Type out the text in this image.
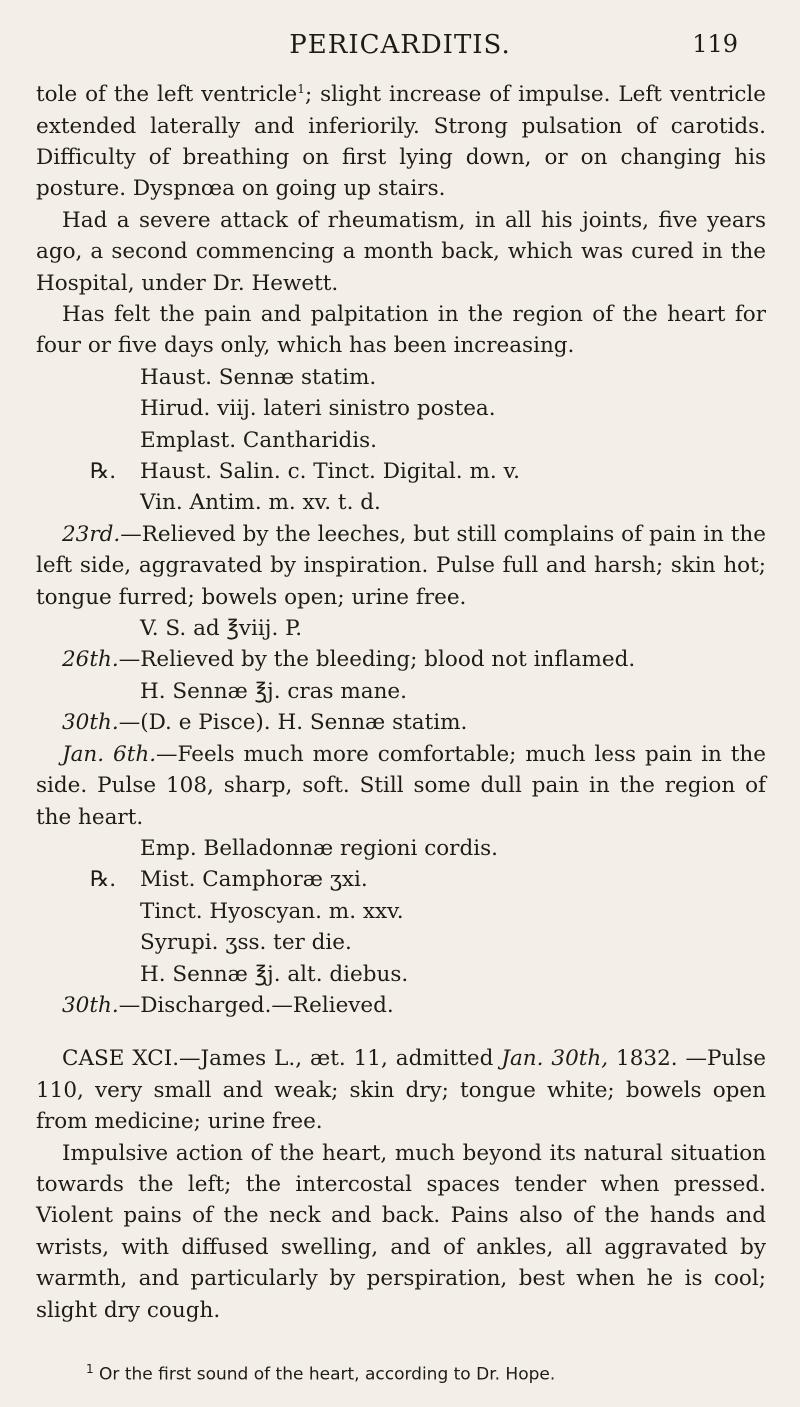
PERICARDITIS.	119

tole of the left ventricle$^1$; slight increase of impulse. Left ventricle extended laterally and inferiorily. Strong pulsation of carotids. Difficulty of breathing on first lying down, or on changing his posture. Dyspnœa on going up stairs.

Had a severe attack of rheumatism, in all his joints, five years ago, a second commencing a month back, which was cured in the Hospital, under Dr. Hewett.

Has felt the pain and palpitation in the region of the heart for four or five days only, which has been increasing.

Haust. Sennæ statim.

Hirud. viij. lateri sinistro postea.

Emplast. Cantharidis.

℞. Haust. Salin. c. Tinct. Digital. m. v.

Vin. Antim. m. xv. t. d.

23rd.—Relieved by the leeches, but still complains of pain in the left side, aggravated by inspiration. Pulse full and harsh; skin hot; tongue furred; bowels open; urine free.

V. S. ad ℥viij. P.

26th.—Relieved by the bleeding; blood not inflamed.

H. Sennæ ℥j. cras mane.

30th.—(D. e Pisce). H. Sennæ statim.

Jan. 6th.—Feels much more comfortable; much less pain in the side. Pulse 108, sharp, soft. Still some dull pain in the region of the heart.

Emp. Belladonnæ regioni cordis.

℞. Mist. Camphoræ ʒxi.

Tinct. Hyoscyan. m. xxv.

Syrupi. ʒss. ter die.

H. Sennæ ℥j. alt. diebus.

30th.—Discharged.—Relieved.

CASE XCI.—James L., æt. 11, admitted Jan. 30th, 1832. —Pulse 110, very small and weak; skin dry; tongue white; bowels open from medicine; urine free.

Impulsive action of the heart, much beyond its natural situation towards the left; the intercostal spaces tender when pressed. Violent pains of the neck and back. Pains also of the hands and wrists, with diffused swelling, and of ankles, all aggravated by warmth, and particularly by perspiration, best when he is cool; slight dry cough.

$^1$ Or the first sound of the heart, according to Dr. Hope.
